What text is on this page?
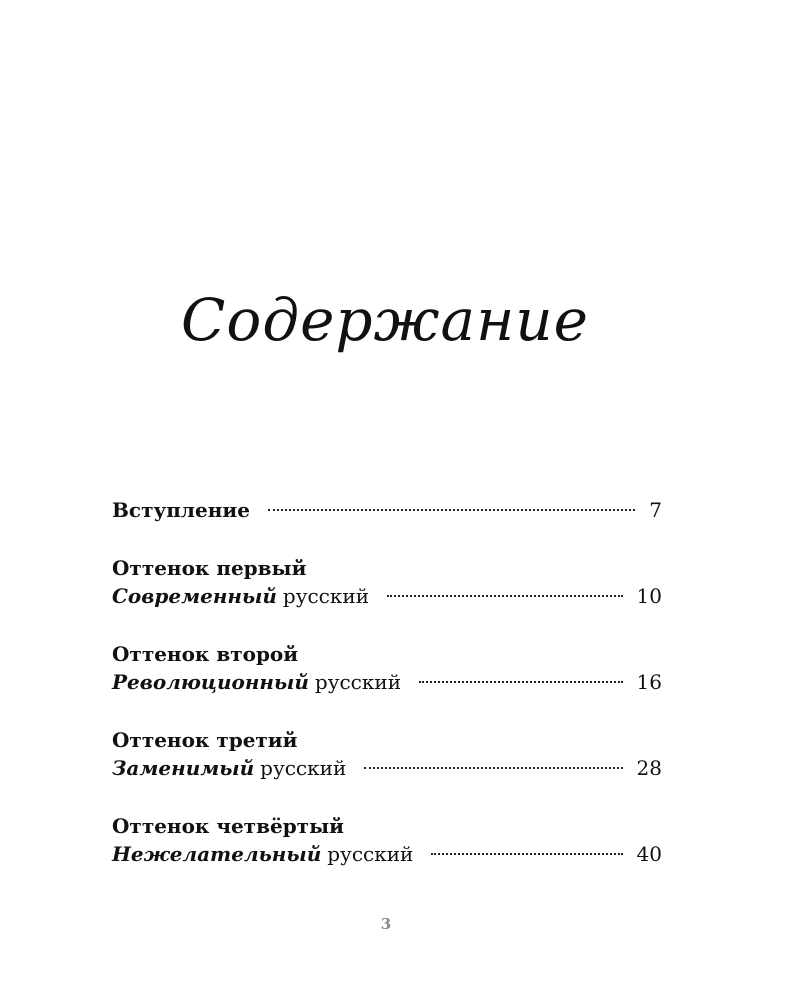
Содержание
Вступление	7
Оттенок первый
Современный русский	10
Оттенок второй
Революционный русский	16
Оттенок третий
Заменимый русский	28
Оттенок четвёртый
Нежелательный русский	40
3
